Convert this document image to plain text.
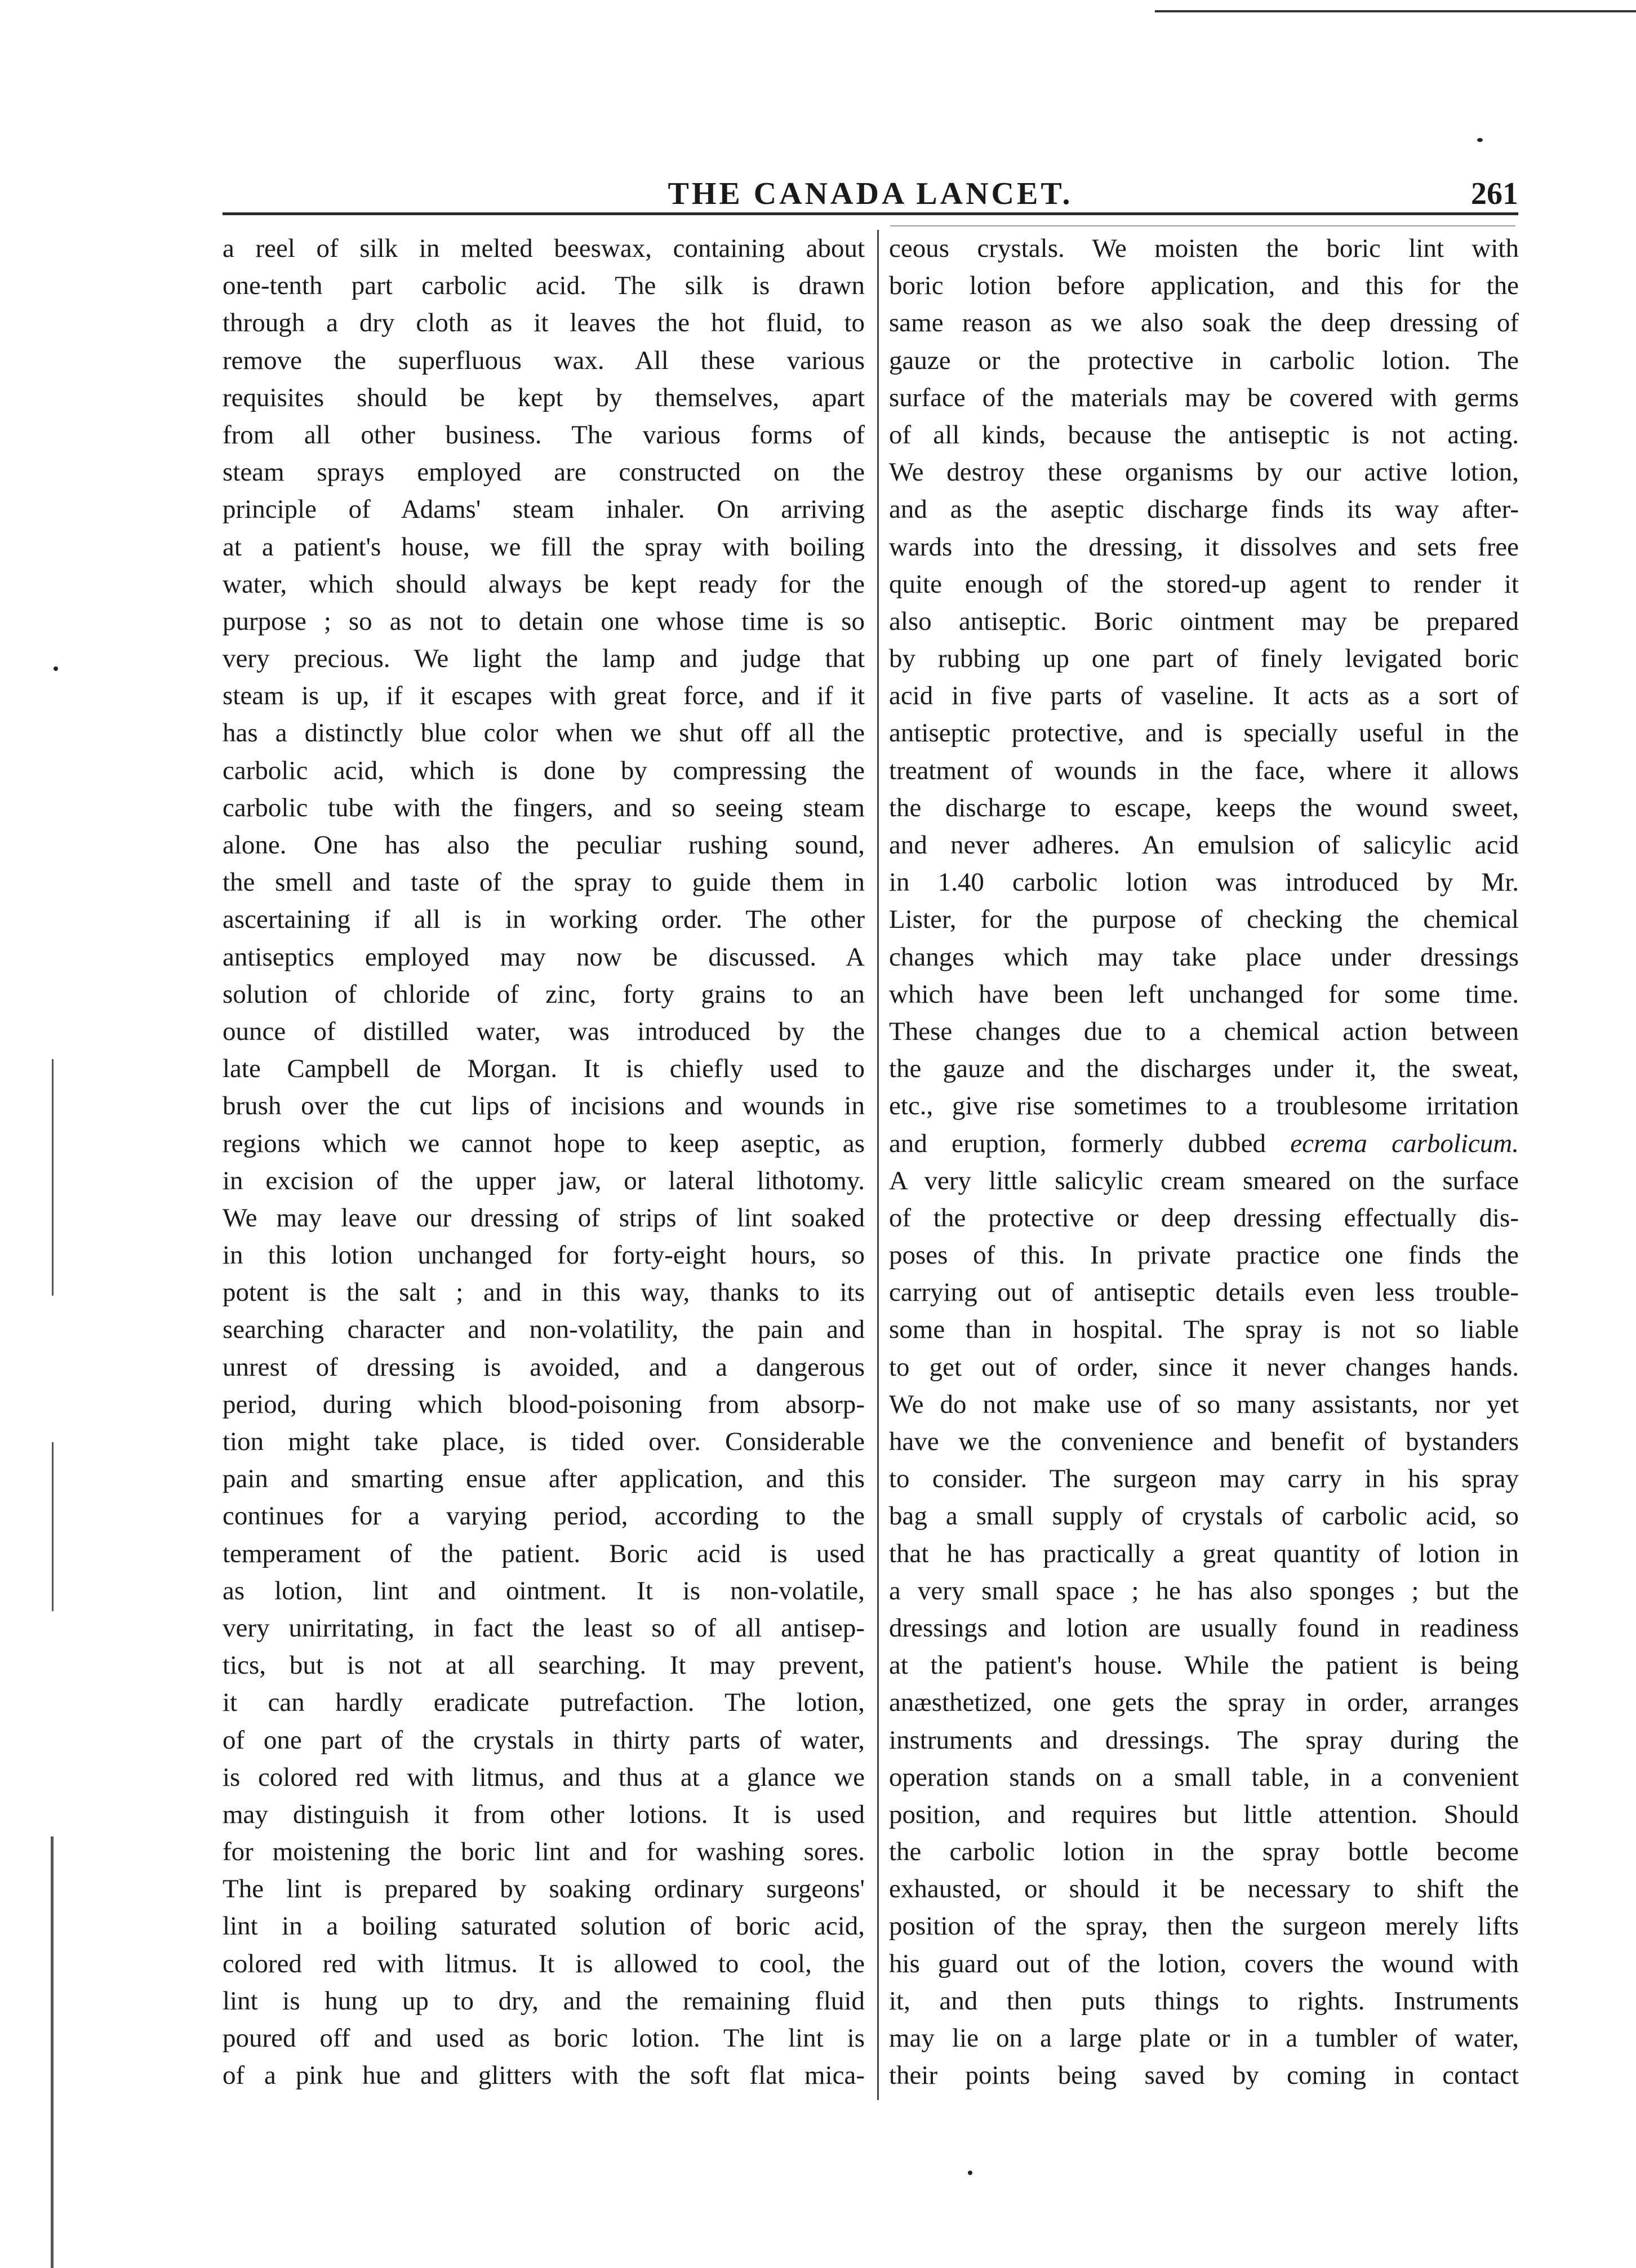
THE CANADA LANCET.	261
a reel of silk in melted beeswax, containing about
one-tenth part carbolic acid. The silk is drawn
through a dry cloth as it leaves the hot fluid, to
remove the superfluous wax. All these various
requisites should be kept by themselves, apart
from all other business. The various forms of
steam sprays employed are constructed on the
principle of Adams' steam inhaler. On arriving
at a patient's house, we fill the spray with boiling
water, which should always be kept ready for the
purpose ; so as not to detain one whose time is so
very precious. We light the lamp and judge that
steam is up, if it escapes with great force, and if it
has a distinctly blue color when we shut off all the
carbolic acid, which is done by compressing the
carbolic tube with the fingers, and so seeing steam
alone. One has also the peculiar rushing sound,
the smell and taste of the spray to guide them in
ascertaining if all is in working order. The other
antiseptics employed may now be discussed. A
solution of chloride of zinc, forty grains to an
ounce of distilled water, was introduced by the
late Campbell de Morgan. It is chiefly used to
brush over the cut lips of incisions and wounds in
regions which we cannot hope to keep aseptic, as
in excision of the upper jaw, or lateral lithotomy.
We may leave our dressing of strips of lint soaked
in this lotion unchanged for forty-eight hours, so
potent is the salt ; and in this way, thanks to its
searching character and non-volatility, the pain and
unrest of dressing is avoided, and a dangerous
period, during which blood-poisoning from absorp-
tion might take place, is tided over. Considerable
pain and smarting ensue after application, and this
continues for a varying period, according to the
temperament of the patient. Boric acid is used
as lotion, lint and ointment. It is non-volatile,
very unirritating, in fact the least so of all antisep-
tics, but is not at all searching. It may prevent,
it can hardly eradicate putrefaction. The lotion,
of one part of the crystals in thirty parts of water,
is colored red with litmus, and thus at a glance we
may distinguish it from other lotions. It is used
for moistening the boric lint and for washing sores.
The lint is prepared by soaking ordinary surgeons'
lint in a boiling saturated solution of boric acid,
colored red with litmus. It is allowed to cool, the
lint is hung up to dry, and the remaining fluid
poured off and used as boric lotion. The lint is
of a pink hue and glitters with the soft flat mica-
ceous crystals. We moisten the boric lint with
boric lotion before application, and this for the
same reason as we also soak the deep dressing of
gauze or the protective in carbolic lotion. The
surface of the materials may be covered with germs
of all kinds, because the antiseptic is not acting.
We destroy these organisms by our active lotion,
and as the aseptic discharge finds its way after-
wards into the dressing, it dissolves and sets free
quite enough of the stored-up agent to render it
also antiseptic. Boric ointment may be prepared
by rubbing up one part of finely levigated boric
acid in five parts of vaseline. It acts as a sort of
antiseptic protective, and is specially useful in the
treatment of wounds in the face, where it allows
the discharge to escape, keeps the wound sweet,
and never adheres. An emulsion of salicylic acid
in 1.40 carbolic lotion was introduced by Mr.
Lister, for the purpose of checking the chemical
changes which may take place under dressings
which have been left unchanged for some time.
These changes due to a chemical action between
the gauze and the discharges under it, the sweat,
etc., give rise sometimes to a troublesome irritation
and eruption, formerly dubbed ecrema carbolicum.
A very little salicylic cream smeared on the surface
of the protective or deep dressing effectually dis-
poses of this. In private practice one finds the
carrying out of antiseptic details even less trouble-
some than in hospital. The spray is not so liable
to get out of order, since it never changes hands.
We do not make use of so many assistants, nor yet
have we the convenience and benefit of bystanders
to consider. The surgeon may carry in his spray
bag a small supply of crystals of carbolic acid, so
that he has practically a great quantity of lotion in
a very small space ; he has also sponges ; but the
dressings and lotion are usually found in readiness
at the patient's house. While the patient is being
anæsthetized, one gets the spray in order, arranges
instruments and dressings. The spray during the
operation stands on a small table, in a convenient
position, and requires but little attention. Should
the carbolic lotion in the spray bottle become
exhausted, or should it be necessary to shift the
position of the spray, then the surgeon merely lifts
his guard out of the lotion, covers the wound with
it, and then puts things to rights. Instruments
may lie on a large plate or in a tumbler of water,
their points being saved by coming in contact
